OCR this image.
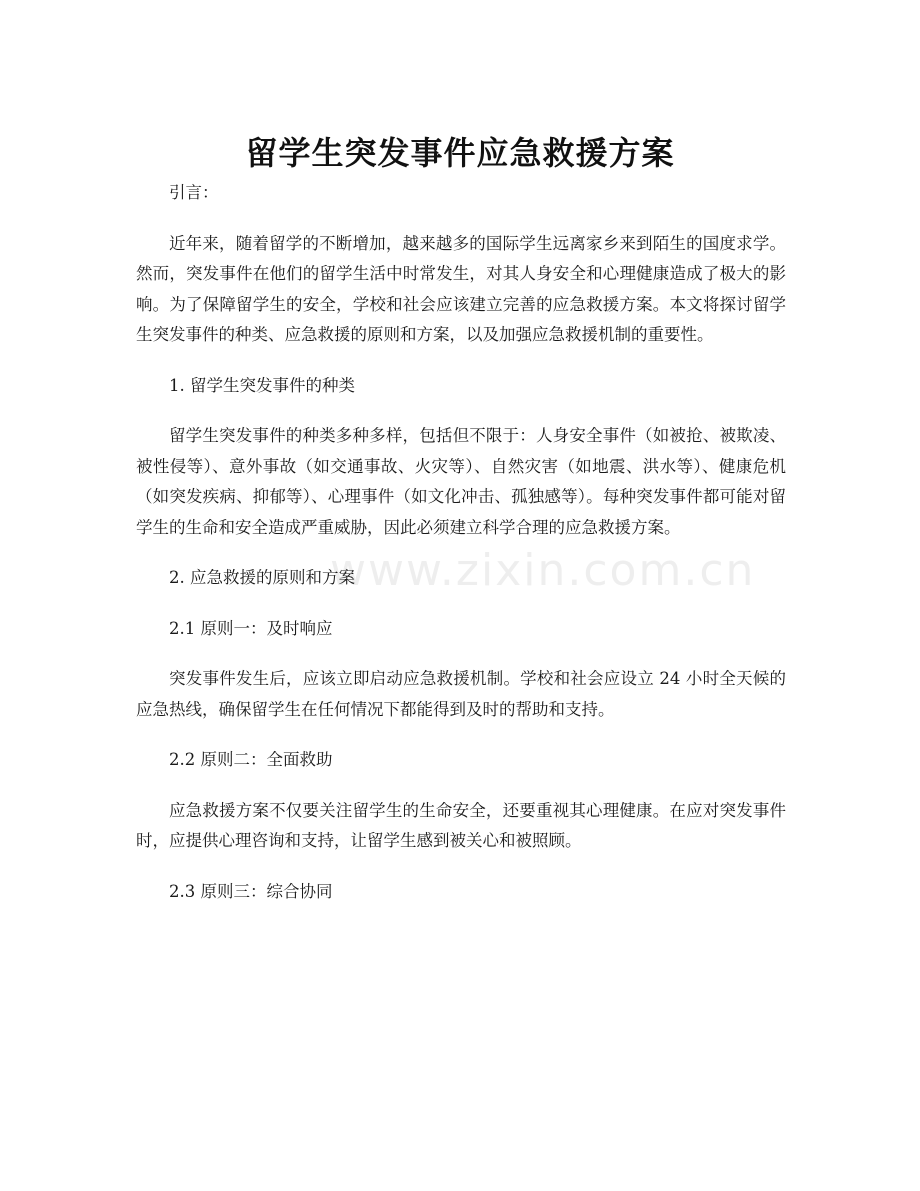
留学生突发事件应急救援方案
www.zixin.com.cn

引言：

近年来，随着留学的不断增加，越来越多的国际学生远离家乡来到陌生的国度求学。然而，突发事件在他们的留学生活中时常发生，对其人身安全和心理健康造成了极大的影响。为了保障留学生的安全，学校和社会应该建立完善的应急救援方案。本文将探讨留学生突发事件的种类、应急救援的原则和方案，以及加强应急救援机制的重要性。

1. 留学生突发事件的种类

留学生突发事件的种类多种多样，包括但不限于：人身安全事件（如被抢、被欺凌、被性侵等）、意外事故（如交通事故、火灾等）、自然灾害（如地震、洪水等）、健康危机（如突发疾病、抑郁等）、心理事件（如文化冲击、孤独感等）。每种突发事件都可能对留学生的生命和安全造成严重威胁，因此必须建立科学合理的应急救援方案。

2. 应急救援的原则和方案

2.1 原则一：及时响应

突发事件发生后，应该立即启动应急救援机制。学校和社会应设立 24 小时全天候的应急热线，确保留学生在任何情况下都能得到及时的帮助和支持。

2.2 原则二：全面救助

应急救援方案不仅要关注留学生的生命安全，还要重视其心理健康。在应对突发事件时，应提供心理咨询和支持，让留学生感到被关心和被照顾。

2.3 原则三：综合协同
